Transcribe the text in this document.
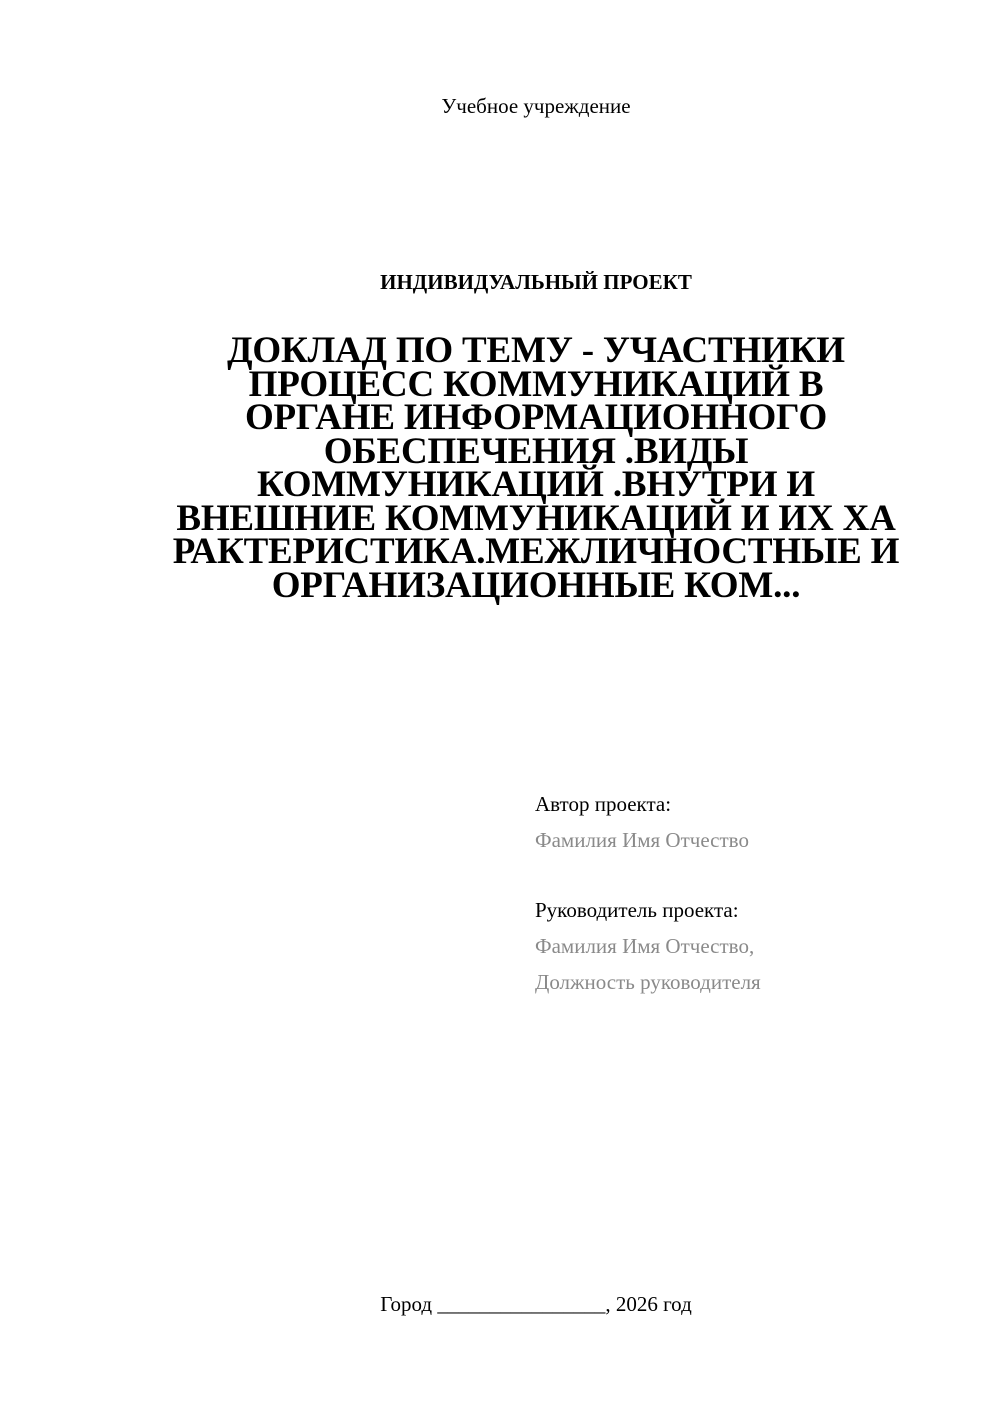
Учебное учреждение
ИНДИВИДУАЛЬНЫЙ ПРОЕКТ
ДОКЛАД ПО ТЕМУ - УЧАСТНИКИ
ПРОЦЕСС КОММУНИКАЦИЙ В
ОРГАНЕ ИНФОРМАЦИОННОГО
ОБЕСПЕЧЕНИЯ .ВИДЫ
КОММУНИКАЦИЙ .ВНУТРИ И
ВНЕШНИЕ КОММУНИКАЦИЙ И ИХ ХА
РАКТЕРИСТИКА.МЕЖЛИЧНОСТНЫЕ И
ОРГАНИЗАЦИОННЫЕ КОМ...
Автор проекта:
Фамилия Имя Отчество
Руководитель проекта:
Фамилия Имя Отчество,
Должность руководителя
Город ________________, 2026 год
